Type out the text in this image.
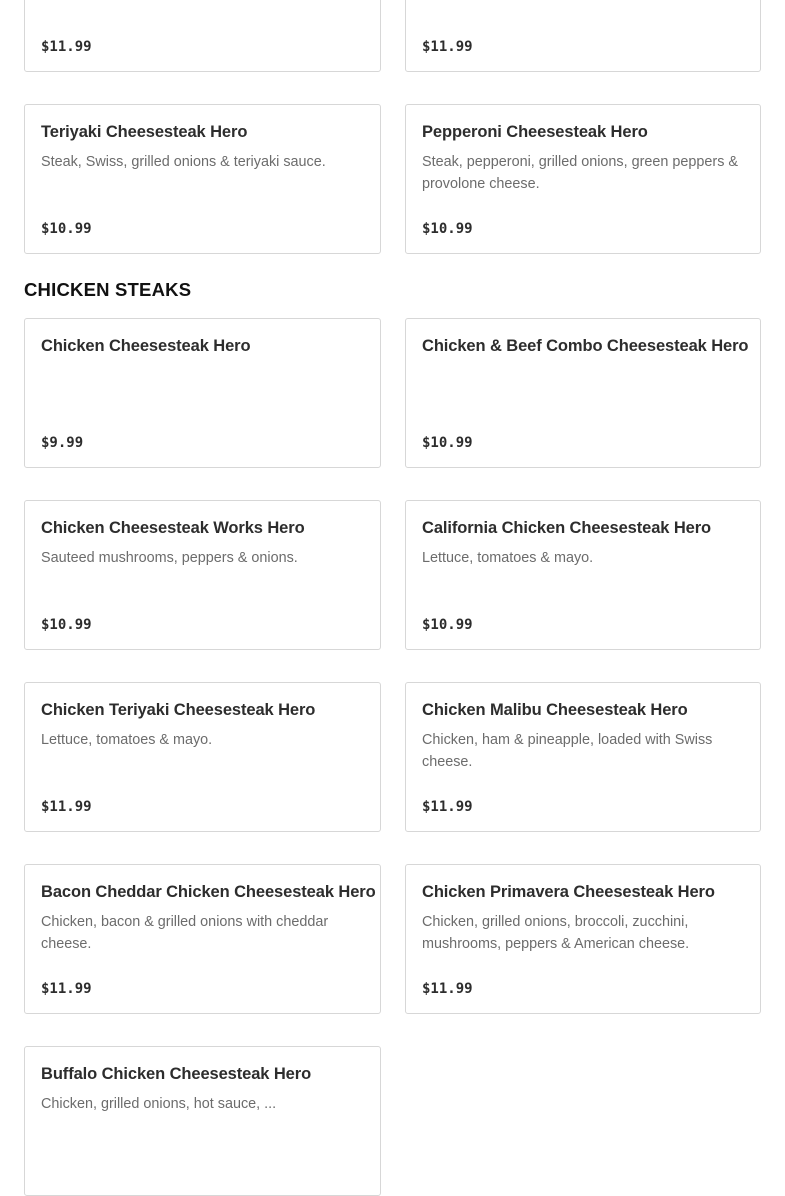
$11.99	$11.99
Teriyaki Cheesesteak Hero
Steak, Swiss, grilled onions & teriyaki sauce.
$10.99
Pepperoni Cheesesteak Hero
Steak, pepperoni, grilled onions, green peppers & provolone cheese.
$10.99
CHICKEN STEAKS
Chicken Cheesesteak Hero
$9.99
Chicken & Beef Combo Cheesesteak Hero
$10.99
Chicken Cheesesteak Works Hero
Sauteed mushrooms, peppers & onions.
$10.99
California Chicken Cheesesteak Hero
Lettuce, tomatoes & mayo.
$10.99
Chicken Teriyaki Cheesesteak Hero
Lettuce, tomatoes & mayo.
$11.99
Chicken Malibu Cheesesteak Hero
Chicken, ham & pineapple, loaded with Swiss cheese.
$11.99
Bacon Cheddar Chicken Cheesesteak Hero
Chicken, bacon & grilled onions with cheddar cheese.
$11.99
Chicken Primavera Cheesesteak Hero
Chicken, grilled onions, broccoli, zucchini, mushrooms, peppers & American cheese.
$11.99
Buffalo Chicken Cheesesteak Hero
Chicken, grilled onions, hot sauce, ...
